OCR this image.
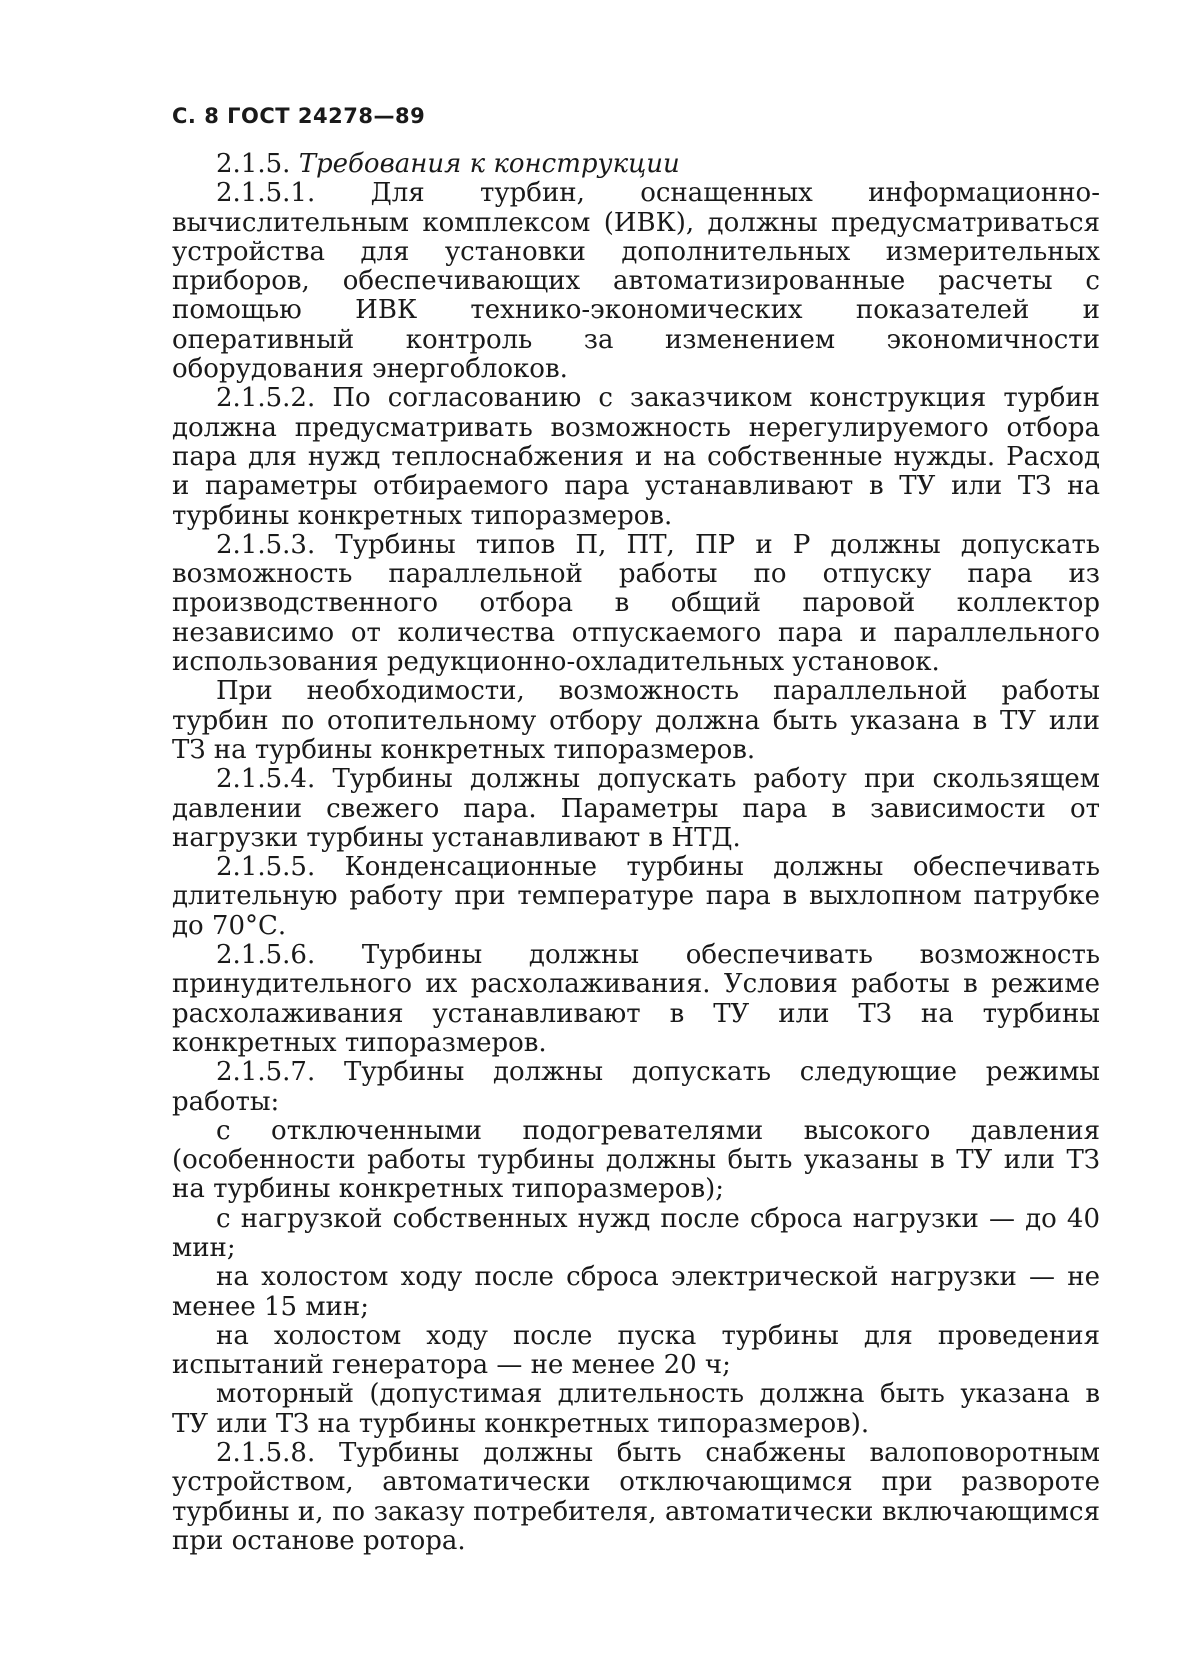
С. 8 ГОСТ 24278—89

2.1.5. Требования к конструкции

2.1.5.1. Для турбин, оснащенных информационно-вычислительным комплексом (ИВК), должны предусматриваться устройства для установки дополнительных измерительных приборов, обеспечивающих автоматизированные расчеты с помощью ИВК технико-экономических показателей и оперативный контроль за изменением экономичности оборудования энергоблоков.

2.1.5.2. По согласованию с заказчиком конструкция турбин должна предусматривать возможность нерегулируемого отбора пара для нужд теплоснабжения и на собственные нужды. Расход и параметры отбираемого пара устанавливают в ТУ или ТЗ на турбины конкретных типоразмеров.

2.1.5.3. Турбины типов П, ПТ, ПР и Р должны допускать возможность параллельной работы по отпуску пара из производственного отбора в общий паровой коллектор независимо от количества отпускаемого пара и параллельного использования редукционно-охладительных установок.

При необходимости, возможность параллельной работы турбин по отопительному отбору должна быть указана в ТУ или ТЗ на турбины конкретных типоразмеров.

2.1.5.4. Турбины должны допускать работу при скользящем давлении свежего пара. Параметры пара в зависимости от нагрузки турбины устанавливают в НТД.

2.1.5.5. Конденсационные турбины должны обеспечивать длительную работу при температуре пара в выхлопном патрубке до 70°С.

2.1.5.6. Турбины должны обеспечивать возможность принудительного их расхолаживания. Условия работы в режиме расхолаживания устанавливают в ТУ или ТЗ на турбины конкретных типоразмеров.

2.1.5.7. Турбины должны допускать следующие режимы работы:

с отключенными подогревателями высокого давления (особенности работы турбины должны быть указаны в ТУ или ТЗ на турбины конкретных типоразмеров);

с нагрузкой собственных нужд после сброса нагрузки — до 40 мин;

на холостом ходу после сброса электрической нагрузки — не менее 15 мин;

на холостом ходу после пуска турбины для проведения испытаний генератора — не менее 20 ч;

моторный (допустимая длительность должна быть указана в ТУ или ТЗ на турбины конкретных типоразмеров).

2.1.5.8. Турбины должны быть снабжены валоповоротным устройством, автоматически отключающимся при развороте турбины и, по заказу потребителя, автоматически включающимся при останове ротора.
